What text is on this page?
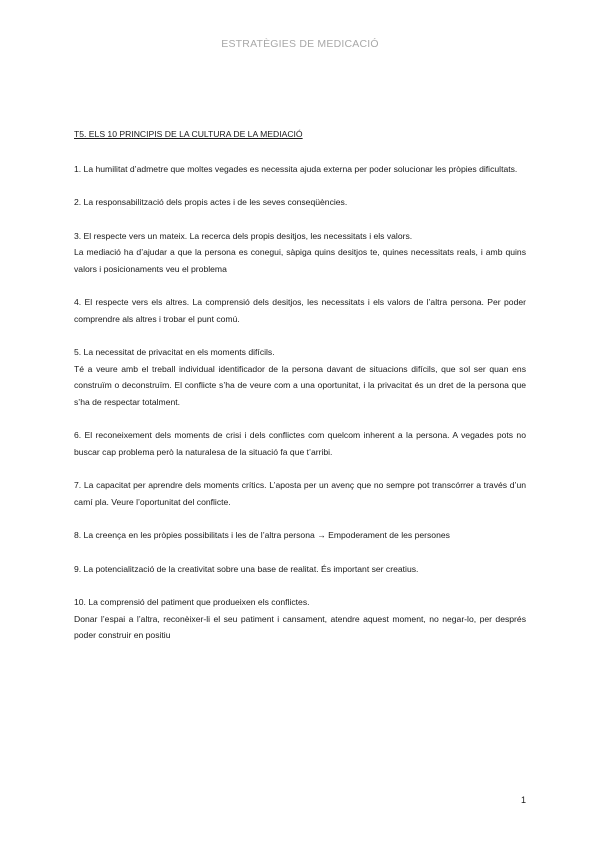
ESTRATÈGIES DE MEDICACIÓ
T5. ELS 10 PRINCIPIS DE LA CULTURA DE LA MEDIACIÓ

1. La humilitat d’admetre que moltes vegades es necessita ajuda externa per poder solucionar les pròpies dificultats.

2. La responsabilització dels propis actes i de les seves conseqüències.

3. El respecte vers un mateix. La recerca dels propis desitjos, les necessitats i els valors.

La mediació ha d’ajudar a que la persona es conegui, sàpiga quins desitjos te, quines necessitats reals, i amb quins valors i posicionaments veu el problema

4. El respecte vers els altres. La comprensió dels desitjos, les necessitats i els valors de l’altra persona. Per poder comprendre als altres i trobar el punt comú.

5. La necessitat de privacitat en els moments difícils.

Té a veure amb el treball individual identificador de la persona davant de situacions difícils, que sol ser quan ens construïm o deconstruïm. El conflicte s’ha de veure com a una oportunitat, i la privacitat és un dret de la persona que s’ha de respectar totalment.

6. El reconeixement dels moments de crisi i dels conflictes com quelcom inherent a la persona. A vegades pots no buscar cap problema però la naturalesa de la situació fa que t’arribi.

7. La capacitat per aprendre dels moments crítics. L’aposta per un avenç que no sempre pot transcórrer a través d’un camí pla. Veure l’oportunitat del conflicte.

8. La creença en les pròpies possibilitats i les de l’altra persona → Empoderament de les persones

9. La potencialització de la creativitat sobre una base de realitat. És important ser creatius.

10. La comprensió del patiment que produeixen els conflictes.

Donar l’espai a l’altra, reconèixer-li el seu patiment i cansament, atendre aquest moment, no negar-lo, per després poder construir en positiu

1
